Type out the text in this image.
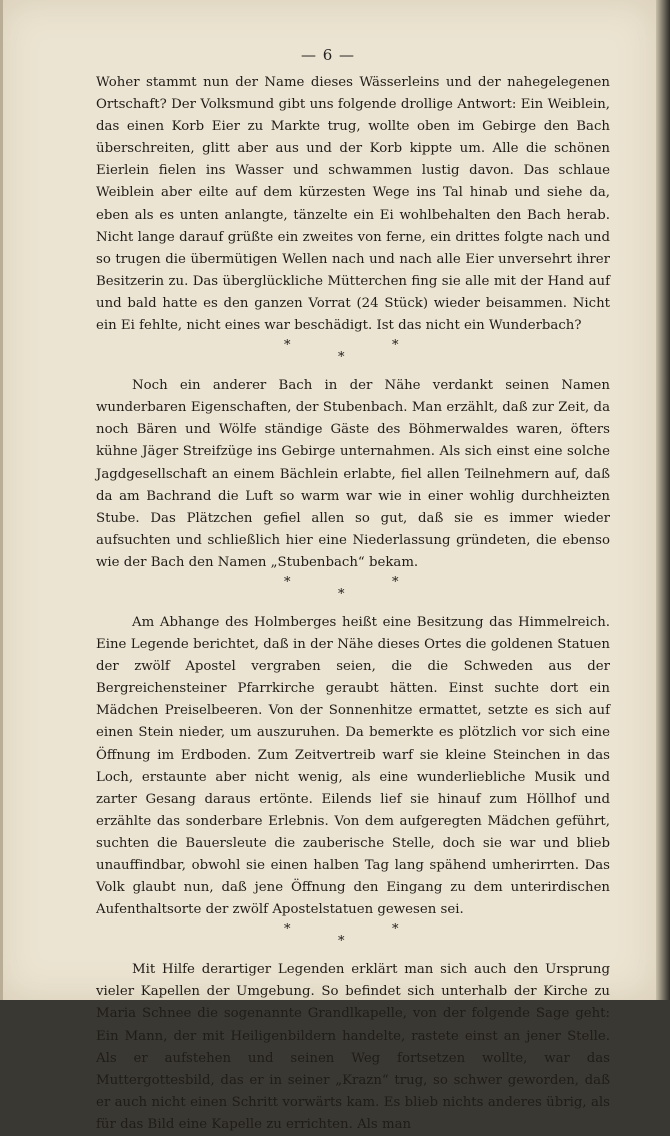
— 6 —

Woher stammt nun der Name dieses Wässerleins und der nahegelegenen Ortschaft? Der Volksmund gibt uns folgende drollige Antwort: Ein Weiblein, das einen Korb Eier zu Markte trug, wollte oben im Gebirge den Bach überschreiten, glitt aber aus und der Korb kippte um. Alle die schönen Eierlein fielen ins Wasser und schwammen lustig davon. Das schlaue Weiblein aber eilte auf dem kürzesten Wege ins Tal hinab und siehe da, eben als es unten anlangte, tänzelte ein Ei wohlbehalten den Bach herab. Nicht lange darauf grüßte ein zweites von ferne, ein drittes folgte nach und so trugen die übermütigen Wellen nach und nach alle Eier unversehrt ihrer Besitzerin zu. Das überglückliche Mütterchen fing sie alle mit der Hand auf und bald hatte es den ganzen Vorrat (24 Stück) wieder beisammen. Nicht ein Ei fehlte, nicht eines war beschädigt. Ist das nicht ein Wunderbach?

*
*
*

Noch ein anderer Bach in der Nähe verdankt seinen Namen wunderbaren Eigenschaften, der Stubenbach. Man erzählt, daß zur Zeit, da noch Bären und Wölfe ständige Gäste des Böhmerwaldes waren, öfters kühne Jäger Streifzüge ins Gebirge unternahmen. Als sich einst eine solche Jagdgesellschaft an einem Bächlein erlabte, fiel allen Teilnehmern auf, daß da am Bachrand die Luft so warm war wie in einer wohlig durchheizten Stube. Das Plätzchen gefiel allen so gut, daß sie es immer wieder aufsuchten und schließlich hier eine Niederlassung gründeten, die ebenso wie der Bach den Namen „Stubenbach“ bekam.

*
*
*

Am Abhange des Holmberges heißt eine Besitzung das Himmelreich. Eine Legende berichtet, daß in der Nähe dieses Ortes die goldenen Statuen der zwölf Apostel vergraben seien, die die Schweden aus der Bergreichensteiner Pfarrkirche geraubt hätten. Einst suchte dort ein Mädchen Preiselbeeren. Von der Sonnenhitze ermattet, setzte es sich auf einen Stein nieder, um auszuruhen. Da bemerkte es plötzlich vor sich eine Öffnung im Erdboden. Zum Zeitvertreib warf sie kleine Steinchen in das Loch, erstaunte aber nicht wenig, als eine wunderliebliche Musik und zarter Gesang daraus ertönte. Eilends lief sie hinauf zum Höllhof und erzählte das sonderbare Erlebnis. Von dem aufgeregten Mädchen geführt, suchten die Bauersleute die zauberische Stelle, doch sie war und blieb unauffindbar, obwohl sie einen halben Tag lang spähend umherirrten. Das Volk glaubt nun, daß jene Öffnung den Eingang zu dem unterirdischen Aufenthaltsorte der zwölf Apostelstatuen gewesen sei.

*
*
*

Mit Hilfe derartiger Legenden erklärt man sich auch den Ursprung vieler Kapellen der Umgebung. So befindet sich unterhalb der Kirche zu Maria Schnee die sogenannte Grandlkapelle, von der folgende Sage geht: Ein Mann, der mit Heiligenbildern handelte, rastete einst an jener Stelle. Als er aufstehen und seinen Weg fortsetzen wollte, war das Muttergottesbild, das er in seiner „Krazn“ trug, so schwer geworden, daß er auch nicht einen Schritt vorwärts kam. Es blieb nichts anderes übrig, als für das Bild eine Kapelle zu errichten. Als man
